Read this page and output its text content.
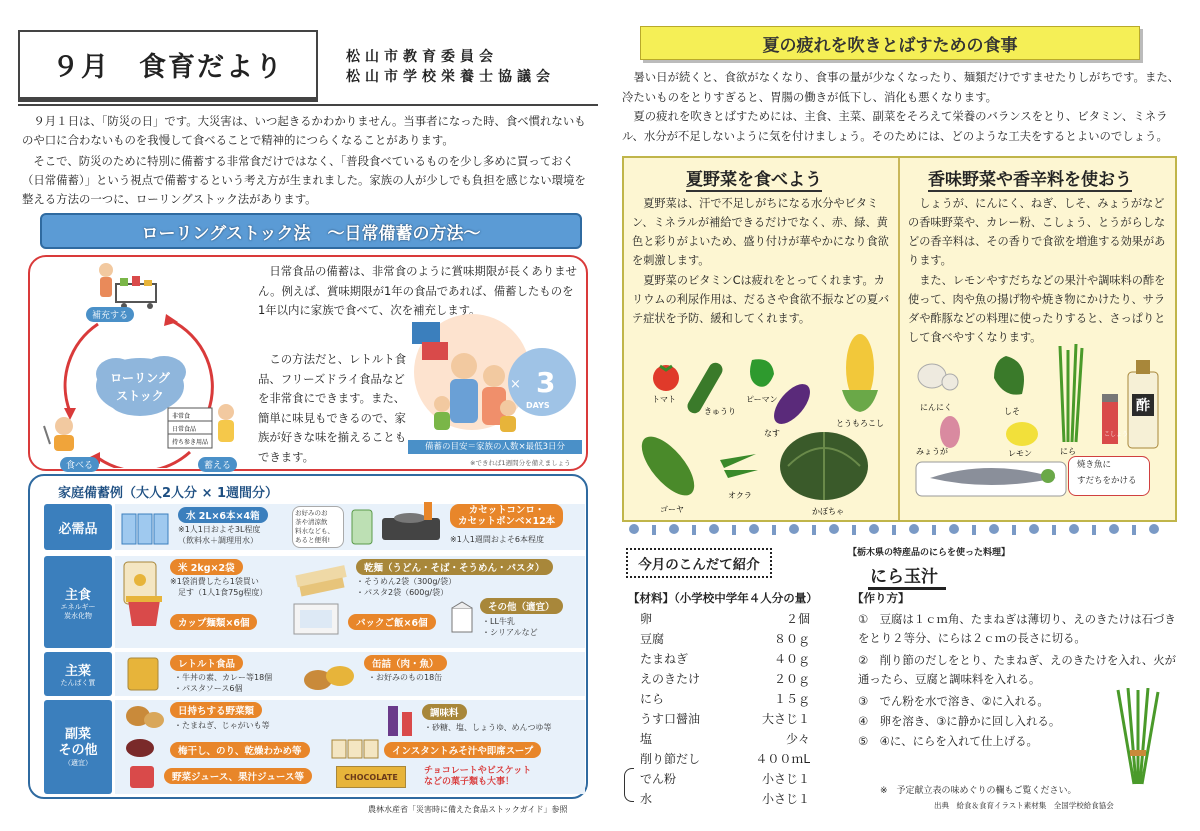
９月　食育だより	松山市教育委員会
松山市学校栄養士協議会
　９月１日は、「防災の日」です。大災害は、いつ起きるかわかりません。当事者になった時、食べ慣れないものや口に合わないものを我慢して食べることで精神的につらくなることがあります。
　そこで、防災のために特別に備蓄する非常食だけではなく、「普段食べているものを少し多めに買っておく（日常備蓄）」という視点で備蓄するという考え方が生まれました。家族の人が少しでも負担を感じない環境を整える方法の一つに、ローリングストック法があります。
ローリングストック法　～日常備蓄の方法～
ローリング
ストック
非常食
日常食品
持ち参き用品
補充する
食べる	蓄える
　日常食品の備蓄は、非常食のように賞味期限が長くありません。例えば、賞味期限が1年の食品であれば、備蓄したものを1年以内に家族で食べて、次を補充します。
　この方法だと、レトルト食品、フリーズドライ食品などを非常食にできます。また、簡単に味見もできるので、家族が好きな味を揃えることもできます。
3
×
DAYS
備蓄の目安＝家族の人数×最低3日分
※できれば1週間分を備えましょう
家庭備蓄例（大人2人分 × 1週間分）
必需品
主食
エネルギー
炭水化物
主菜
たんぱく質
副菜
その他
（適宜）
水 2L×6本×4箱
※1人1日およそ3L程度
（飲料水＋調理用水）
お好みのお
茶や清涼飲
料水なども、
あると便利!
カセットコンロ・
カセットボンベ×12本
※1人1週間およそ6本程度
米 2kg×2袋
※1袋消費したら1袋買い
　足す（1人1食75g程度）
乾麺（うどん・そば・そうめん・パスタ）
・そうめん2袋（300g/袋）
・パスタ2袋（600g/袋）
カップ麺類×6個	パックご飯×6個
その他（適宜）
・LL牛乳
・シリアルなど
レトルト食品
・牛丼の素、カレー等18個
・パスタソース6個
缶詰（肉・魚）
・お好みのもの18缶
日持ちする野菜類
・たまねぎ、じゃがいも等
調味料
・砂糖、塩、しょうゆ、めんつゆ等
梅干し、のり、乾燥わかめ等	インスタントみそ汁や即席スープ
野菜ジュース、果汁ジュース等	CHOCOLATE
チョコレートやビスケット
などの菓子類も大事！
農林水産省「災害時に備えた食品ストックガイド」参照
夏の疲れを吹きとばすための食事
　暑い日が続くと、食欲がなくなり、食事の量が少なくなったり、麺類だけですませたりしがちです。また、冷たいものをとりすぎると、胃腸の働きが低下し、消化も悪くなります。
　夏の疲れを吹きとばすためには、主食、主菜、副菜をそろえて栄養のバランスをとり、ビタミン、ミネラル、水分が不足しないように気を付けましょう。そのためには、どのような工夫をするとよいのでしょう。
夏野菜を食べよう
　夏野菜は、汗で不足しがちになる水分やビタミン、ミネラルが補給できるだけでなく、赤、緑、黄色と彩りがよいため、盛り付けが華やかになり食欲を刺激します。
　夏野菜のビタミンCは疲れをとってくれます。カリウムの利尿作用は、だるさや食欲不振などの夏バテ症状を予防、緩和してくれます。
香味野菜や香辛料を使おう
　しょうが、にんにく、ねぎ、しそ、みょうがなどの香味野菜や、カレー粉、こしょう、とうがらしなどの香辛料は、その香りで食欲を増進する効果があります。
　また、レモンやすだちなどの果汁や調味料の酢を使って、肉や魚の揚げ物や焼き物にかけたり、サラダや酢豚などの料理に使ったりすると、さっぱりとして食べやすくなります。
トマト
きゅうり
ピーマン
なす
とうもろこし
ゴーヤ
オクラ
かぼちゃ
にんにく	しそ
みょうが	レモン	にら
こしょう
酢
焼き魚に
すだちをかける
今月のこんだて紹介
【材料】（小学校中学年４人分の量）
卵	２個
豆腐	８０ｇ
たまねぎ	４０ｇ
えのきたけ	２０ｇ
にら	１５ｇ
うす口醤油	大さじ１
塩	少々
削り節だし	４００ｍL
でん粉	小さじ１
水	小さじ１
【栃木県の特産品のにらを使った料理】
にら玉汁
【作り方】
①　豆腐は１ｃｍ角、たまねぎは薄切り、えのきたけは石づきをとり２等分、にらは２ｃｍの長さに切る。
②　削り節のだしをとり、たまねぎ、えのきたけを入れ、火が通ったら、豆腐と調味料を入れる。
③　でん粉を水で溶き、②に入れる。
④　卵を溶き、③に静かに回し入れる。
⑤　④に、にらを入れて仕上げる。
※　予定献立表の味めぐりの欄もご覧ください。
出典　給食＆食育イラスト素材集　全国学校給食協会
